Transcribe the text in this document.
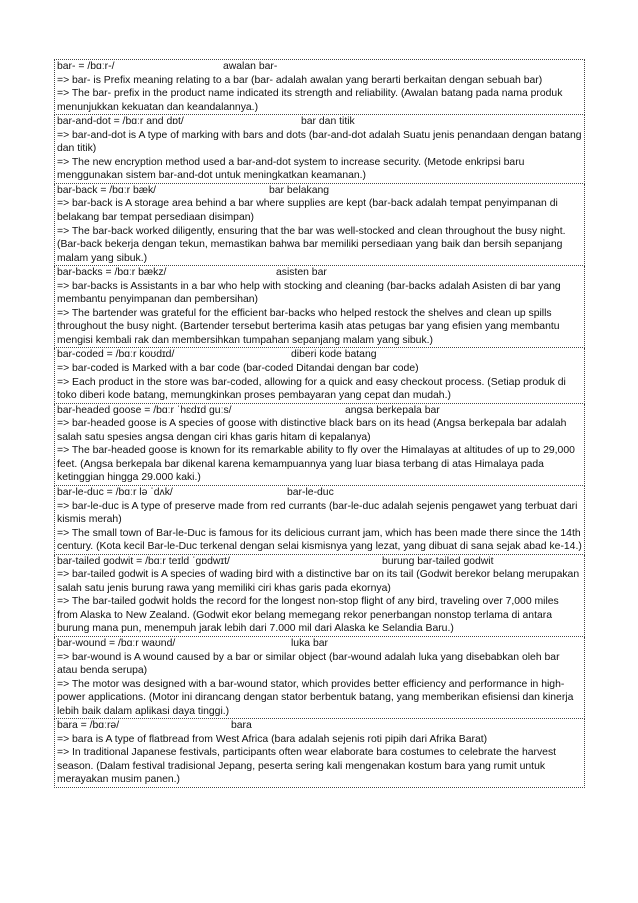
bar- = /bɑːr-/	awalan bar-
=> bar- is Prefix meaning relating to a bar (bar- adalah awalan yang berarti berkaitan dengan sebuah bar)
=> The bar- prefix in the product name indicated its strength and reliability. (Awalan batang pada nama produk menunjukkan kekuatan dan keandalannya.)
bar-and-dot = /bɑːr and dɒt/	bar dan titik
=> bar-and-dot is A type of marking with bars and dots (bar-and-dot adalah Suatu jenis penandaan dengan batang dan titik)
=> The new encryption method used a bar-and-dot system to increase security. (Metode enkripsi baru menggunakan sistem bar-and-dot untuk meningkatkan keamanan.)
bar-back = /bɑːr bæk/	bar belakang
=> bar-back is A storage area behind a bar where supplies are kept (bar-back adalah tempat penyimpanan di belakang bar tempat persediaan disimpan)
=> The bar-back worked diligently, ensuring that the bar was well-stocked and clean throughout the busy night. (Bar-back bekerja dengan tekun, memastikan bahwa bar memiliki persediaan yang baik dan bersih sepanjang malam yang sibuk.)
bar-backs = /bɑːr bækz/	asisten bar
=> bar-backs is Assistants in a bar who help with stocking and cleaning (bar-backs adalah Asisten di bar yang membantu penyimpanan dan pembersihan)
=> The bartender was grateful for the efficient bar-backs who helped restock the shelves and clean up spills throughout the busy night. (Bartender tersebut berterima kasih atas petugas bar yang efisien yang membantu mengisi kembali rak dan membersihkan tumpahan sepanjang malam yang sibuk.)
bar-coded = /bɑːr koʊdɪd/	diberi kode batang
=> bar-coded is Marked with a bar code (bar-coded Ditandai dengan bar code)
=> Each product in the store was bar-coded, allowing for a quick and easy checkout process. (Setiap produk di toko diberi kode batang, memungkinkan proses pembayaran yang cepat dan mudah.)
bar-headed goose = /bɑːr ˈhɛdɪd ɡuːs/	angsa berkepala bar
=> bar-headed goose is A species of goose with distinctive black bars on its head (Angsa berkepala bar adalah salah satu spesies angsa dengan ciri khas garis hitam di kepalanya)
=> The bar-headed goose is known for its remarkable ability to fly over the Himalayas at altitudes of up to 29,000 feet. (Angsa berkepala bar dikenal karena kemampuannya yang luar biasa terbang di atas Himalaya pada ketinggian hingga 29.000 kaki.)
bar-le-duc = /bɑːr lə ˈdʌk/	bar-le-duc
=> bar-le-duc is A type of preserve made from red currants (bar-le-duc adalah sejenis pengawet yang terbuat dari kismis merah)
=> The small town of Bar-le-Duc is famous for its delicious currant jam, which has been made there since the 14th century. (Kota kecil Bar-le-Duc terkenal dengan selai kismisnya yang lezat, yang dibuat di sana sejak abad ke-14.)
bar-tailed godwit = /bɑːr teɪld ˈɡɒdwɪt/	burung bar-tailed godwit
=> bar-tailed godwit is A species of wading bird with a distinctive bar on its tail (Godwit berekor belang merupakan salah satu jenis burung rawa yang memiliki ciri khas garis pada ekornya)
=> The bar-tailed godwit holds the record for the longest non-stop flight of any bird, traveling over 7,000 miles from Alaska to New Zealand. (Godwit ekor belang memegang rekor penerbangan nonstop terlama di antara burung mana pun, menempuh jarak lebih dari 7.000 mil dari Alaska ke Selandia Baru.)
bar-wound = /bɑːr waʊnd/	luka bar
=> bar-wound is A wound caused by a bar or similar object (bar-wound adalah luka yang disebabkan oleh bar atau benda serupa)
=> The motor was designed with a bar-wound stator, which provides better efficiency and performance in high-power applications. (Motor ini dirancang dengan stator berbentuk batang, yang memberikan efisiensi dan kinerja lebih baik dalam aplikasi daya tinggi.)
bara = /bɑːrə/	bara
=> bara is A type of flatbread from West Africa (bara adalah sejenis roti pipih dari Afrika Barat)
=> In traditional Japanese festivals, participants often wear elaborate bara costumes to celebrate the harvest season. (Dalam festival tradisional Jepang, peserta sering kali mengenakan kostum bara yang rumit untuk merayakan musim panen.)
